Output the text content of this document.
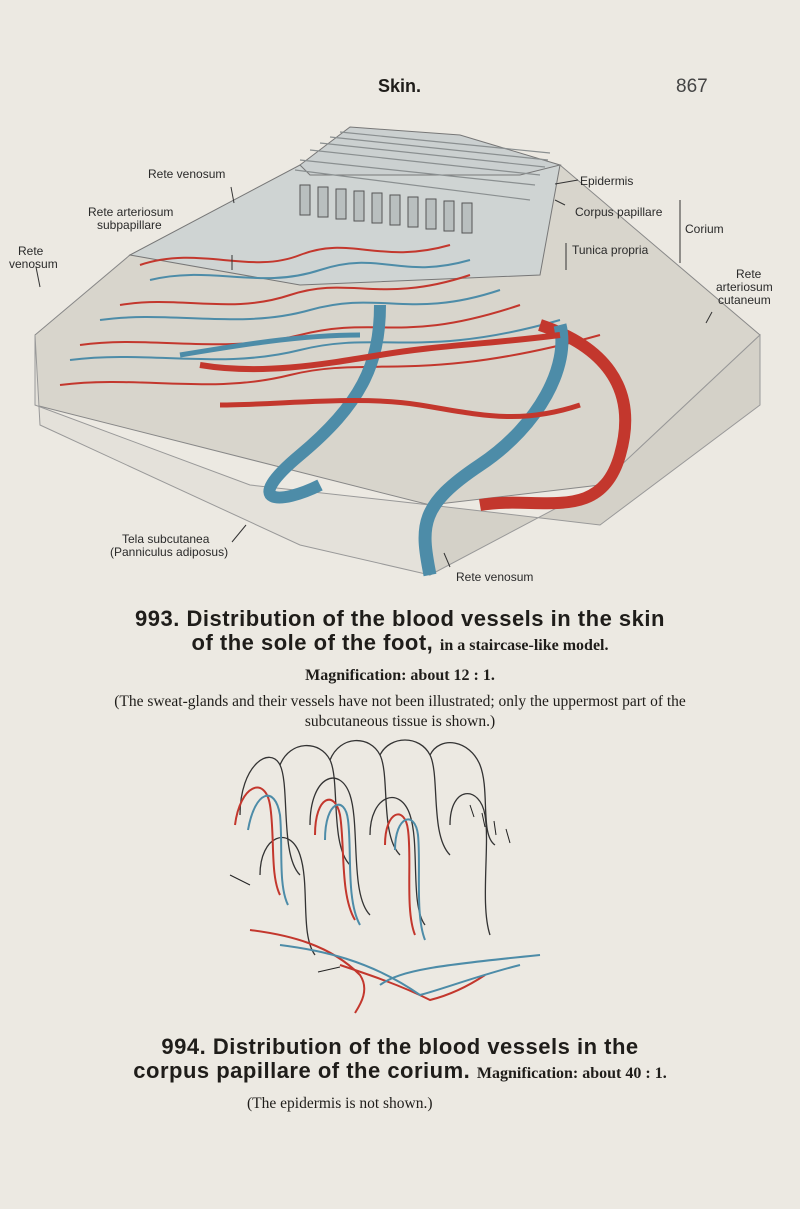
Skin.	867
Rete venosum
Rete arteriosum
subpapillare
Rete
venosum
Epidermis
Corpus papillare
Corium
Tunica propria
Rete
arteriosum
cutaneum
Tela subcutanea
(Panniculus adiposus)
Rete venosum
993. Distribution of the blood vessels in the skin
of the sole of the foot, in a staircase-like model.
Magnification: about 12 : 1.
(The sweat-glands and their vessels have not been illustrated; only the uppermost part of the
subcutaneous tissue is shown.)
994. Distribution of the blood vessels in the
corpus papillare of the corium. Magnification: about 40 : 1.
(The epidermis is not shown.)
